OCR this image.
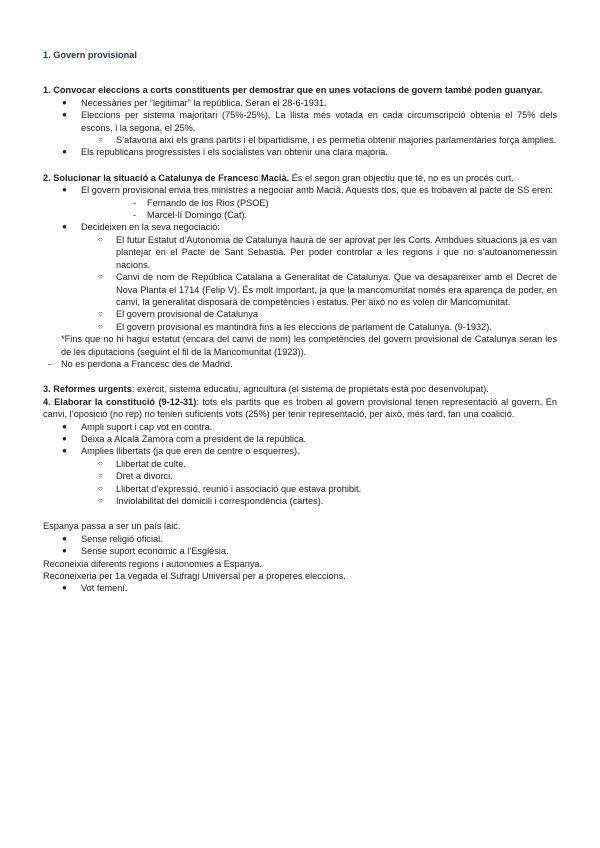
1. Govern provisional

1. Convocar eleccions a corts constituents per demostrar que en unes votacions de govern també poden guanyar.

● Necessàries per “legitimar” la república. Seran el 28-6-1931.
● Eleccions per sistema majoritari (75%-25%). La llista més votada en cada circumscripció obtenia el 75% dels escons, i la segona, el 25%.
○ S’afavoria així els grans partits i el bipartidisme, i es permetia obtenir majories parlamentàries força àmplies.
● Els republicans progressistes i els socialistes van obtenir una clara majoria.

2. Solucionar la situació a Catalunya de Francesc Macià. És el segon gran objectiu que té, no es un procés curt.

● El govern provisional envia tres ministres a negociar amb Macià. Aquests dos, que es trobaven al pacte de SS eren:
- Fernando de los Rios (PSOE)
- Marcel·lí Domingo (Cat).
● Decideixen en la seva negociació:
○ El futur Estatut d’Autonomia de Catalunya haurà de ser aprovat per les Corts. Ambdues situacions ja es van plantejar en el Pacte de Sant Sebastià. Per poder controlar a les regions i que no s’autoanomenessin nacions.
○ Canvi de nom de República Catalana a Generalitat de Catalunya. Que va desaparèixer amb el Decret de Nova Planta el 1714 (Felip V). És molt important, ja que la mancomunitat només era aparença de poder, en canvi, la generalitat disposarà de competències i estatus. Per això no es volen dir Mancomunitat.
○ El govern provisional de Catalunya
○ El govern provisional es mantindrà fins a les eleccions de parlament de Catalunya. (9-1932).

*Fins que no hi hagui estatut (encara del canvi de nom) les competències del govern provisional de Catalunya seran les de les diputacions (seguint el fil de la Mancomunitat (1923)).

- No es perdona a Francesc des de Madrid.

3. Reformes urgents: exèrcit, sistema educatiu, agricultura (el sistema de propietats està poc desenvolupat).

4. Elaborar la constitució (9-12-31): tots els partits que es troben al govern provisional tenen representació al govern. En canvi, l’oposició (no rep) no tenien suficients vots (25%) per tenir representació, per això, més tard, fan una coalició.

● Ampli suport i cap vot en contra.
● Deixa a Alcalà Zamora com a president de la república.
● Amplies llibertats (ja que eren de centre o esquerres).
○ Llibertat de culte.
○ Dret a divorci.
○ Llibertat d’expressió, reunió i associació que estava prohibit.
○ Inviolabilitat del domicili i correspondència (cartes).

Espanya passa a ser un país laic.

● Sense religió oficial.
● Sense suport econòmic a l’Església.

Reconeixia diferents regions i autonomies a Espanya.

Reconeixeria per 1a vegada el Sufragi Universal per a properes eleccions.

● Vot femení.
